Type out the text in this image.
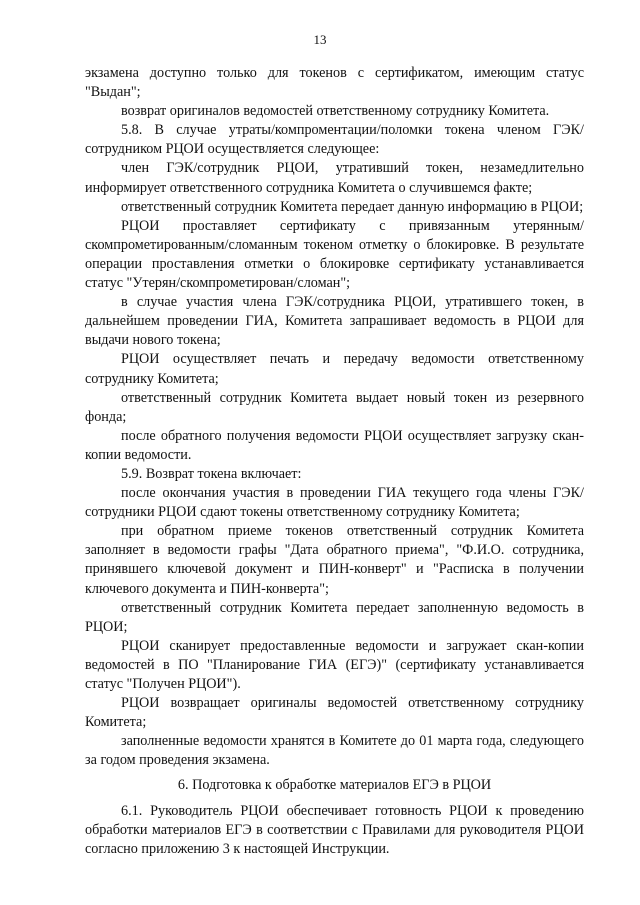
13

экзамена доступно только для токенов с сертификатом, имеющим статус "Выдан";

возврат оригиналов ведомостей ответственному сотруднику Комитета.

5.8. В случае утраты/компроментации/поломки токена членом ГЭК/сотрудником РЦОИ осуществляется следующее:

член ГЭК/сотрудник РЦОИ, утративший токен, незамедлительно информирует ответственного сотрудника Комитета о случившемся факте;

ответственный сотрудник Комитета передает данную информацию в РЦОИ;

РЦОИ проставляет сертификату с привязанным утерянным/скомпрометированным/сломанным токеном отметку о блокировке. В результате операции проставления отметки о блокировке сертификату устанавливается статус "Утерян/скомпрометирован/сломан";

в случае участия члена ГЭК/сотрудника РЦОИ, утратившего токен, в дальнейшем проведении ГИА, Комитета запрашивает ведомость в РЦОИ для выдачи нового токена;

РЦОИ осуществляет печать и передачу ведомости ответственному сотруднику Комитета;

ответственный сотрудник Комитета выдает новый токен из резервного фонда;

после обратного получения ведомости РЦОИ осуществляет загрузку скан-копии ведомости.

5.9. Возврат токена включает:

после окончания участия в проведении ГИА текущего года члены ГЭК/сотрудники РЦОИ сдают токены ответственному сотруднику Комитета;

при обратном приеме токенов ответственный сотрудник Комитета заполняет в ведомости графы "Дата обратного приема", "Ф.И.О. сотрудника, принявшего ключевой документ и ПИН-конверт" и "Расписка в получении ключевого документа и ПИН-конверта";

ответственный сотрудник Комитета передает заполненную ведомость в РЦОИ;

РЦОИ сканирует предоставленные ведомости и загружает скан-копии ведомостей в ПО "Планирование ГИА (ЕГЭ)" (сертификату устанавливается статус "Получен РЦОИ").

РЦОИ возвращает оригиналы ведомостей ответственному сотруднику Комитета;

заполненные ведомости хранятся в Комитете до 01 марта года, следующего за годом проведения экзамена.

6. Подготовка к обработке материалов ЕГЭ в РЦОИ

6.1. Руководитель РЦОИ обеспечивает готовность РЦОИ к проведению обработки материалов ЕГЭ в соответствии с Правилами для руководителя РЦОИ согласно приложению 3 к настоящей Инструкции.
